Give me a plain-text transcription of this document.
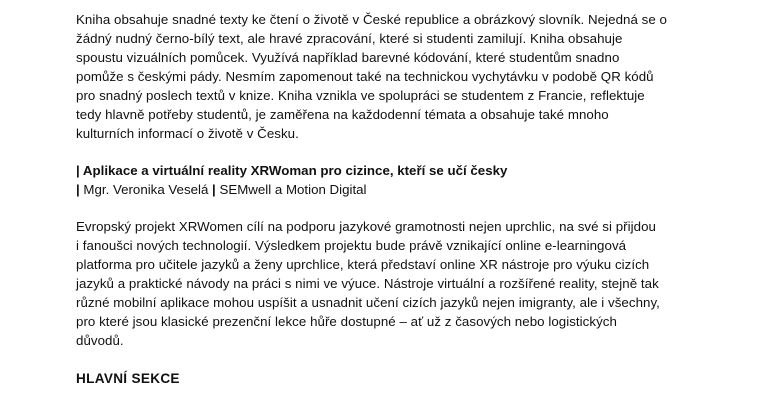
Kniha obsahuje snadné texty ke čtení o životě v České republice a obrázkový slovník. Nejedná se o
žádný nudný černo-bílý text, ale hravé zpracování, které si studenti zamilují. Kniha obsahuje
spoustu vizuálních pomůcek. Využívá například barevné kódování, které studentům snadno
pomůže s českými pády. Nesmím zapomenout také na technickou vychytávku v podobě QR kódů
pro snadný poslech textů v knize. Kniha vznikla ve spolupráci se studentem z Francie, reflektuje
tedy hlavně potřeby studentů, je zaměřena na každodenní témata a obsahuje také mnoho
kulturních informací o životě v Česku.

| Aplikace a virtuální reality XRWoman pro cizince, kteří se učí česky
| Mgr. Veronika Veselá | SEMwell a Motion Digital

Evropský projekt XRWomen cílí na podporu jazykové gramotnosti nejen uprchlic, na své si přijdou
i fanoušci nových technologií. Výsledkem projektu bude právě vznikající online e-learningová
platforma pro učitele jazyků a ženy uprchlice, která představí online XR nástroje pro výuku cizích
jazyků a praktické návody na práci s nimi ve výuce. Nástroje virtuální a rozšířené reality, stejně tak
různé mobilní aplikace mohou uspíšit a usnadnit učení cizích jazyků nejen imigranty, ale i všechny,
pro které jsou klasické prezenční lekce hůře dostupné – ať už z časových nebo logistických
důvodů.

HLAVNÍ SEKCE
